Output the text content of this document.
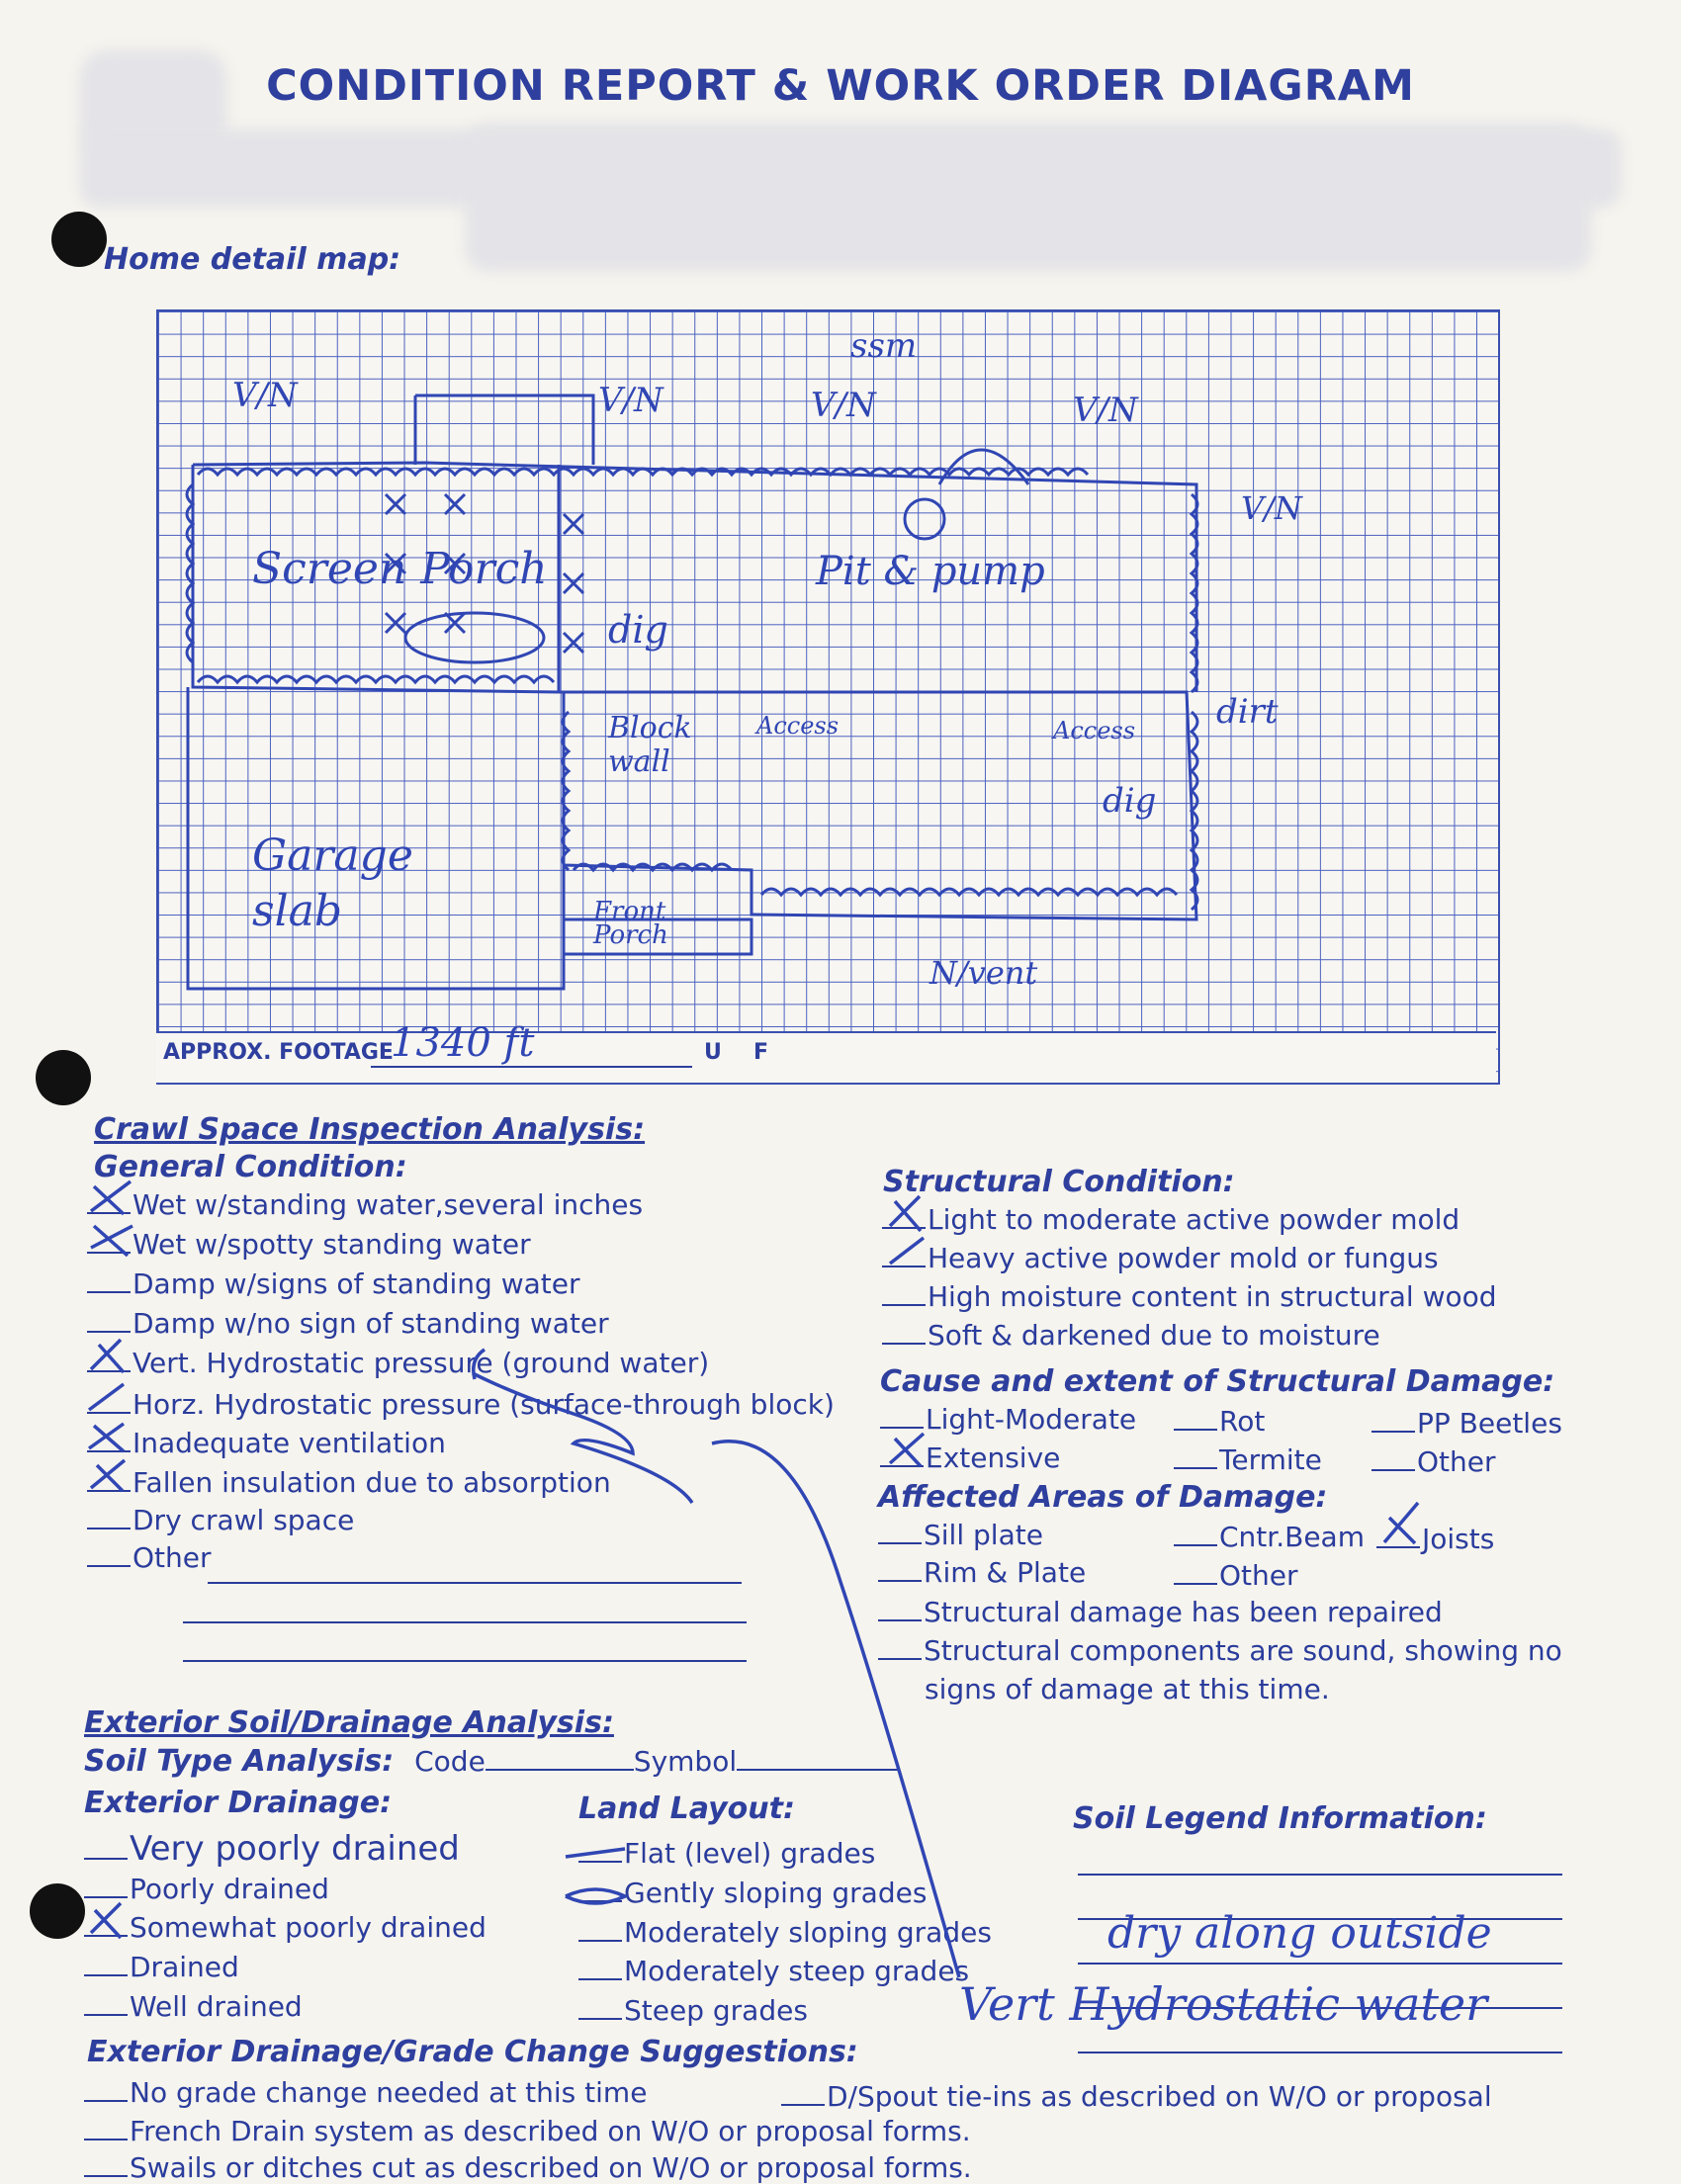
CONDITION REPORT & WORK ORDER DIAGRAM
Home detail map:
APPROX. FOOTAGE
1340 ft	U F
V/N	V/N	V/N	V/N
ssm
Screen Porch	Pit & pump
dig
Block wall
Access	Access
dig
Garage slab	Front Porch
N/vent
V/N
dirt
Crawl Space Inspection Analysis:
General Condition:
Wet w/standing water,several inches
Wet w/spotty standing water
Damp w/signs of standing water
Damp w/no sign of standing water
Vert. Hydrostatic pressure (ground water)
Horz. Hydrostatic pressure (surface-through block)
Inadequate ventilation
Fallen insulation due to absorption
Dry crawl space
Other
Structural Condition:
Light to moderate active powder mold
Heavy active powder mold or fungus
High moisture content in structural wood
Soft & darkened due to moisture
Cause and extent of Structural Damage:
Light-Moderate	Rot	PP Beetles
Extensive	Termite	Other
Affected Areas of Damage:
Sill plate	Cntr.Beam	Joists
Rim & Plate	Other
Structural damage has been repaired
Structural components are sound, showing no
signs of damage at this time.
Exterior Soil/Drainage Analysis:
Soil Type Analysis: Code	Symbol
Exterior Drainage:
Very poorly drained
Poorly drained
Somewhat poorly drained
Drained
Well drained
Land Layout:
Flat (level) grades
Gently sloping grades
Moderately sloping grades
Moderately steep grades
Steep grades
Soil Legend Information:
dry along outside
Vert Hydrostatic water
Exterior Drainage/Grade Change Suggestions:
No grade change needed at this time	D/Spout tie-ins as described on W/O or proposal
French Drain system as described on W/O or proposal forms.
Swails or ditches cut as described on W/O or proposal forms.
